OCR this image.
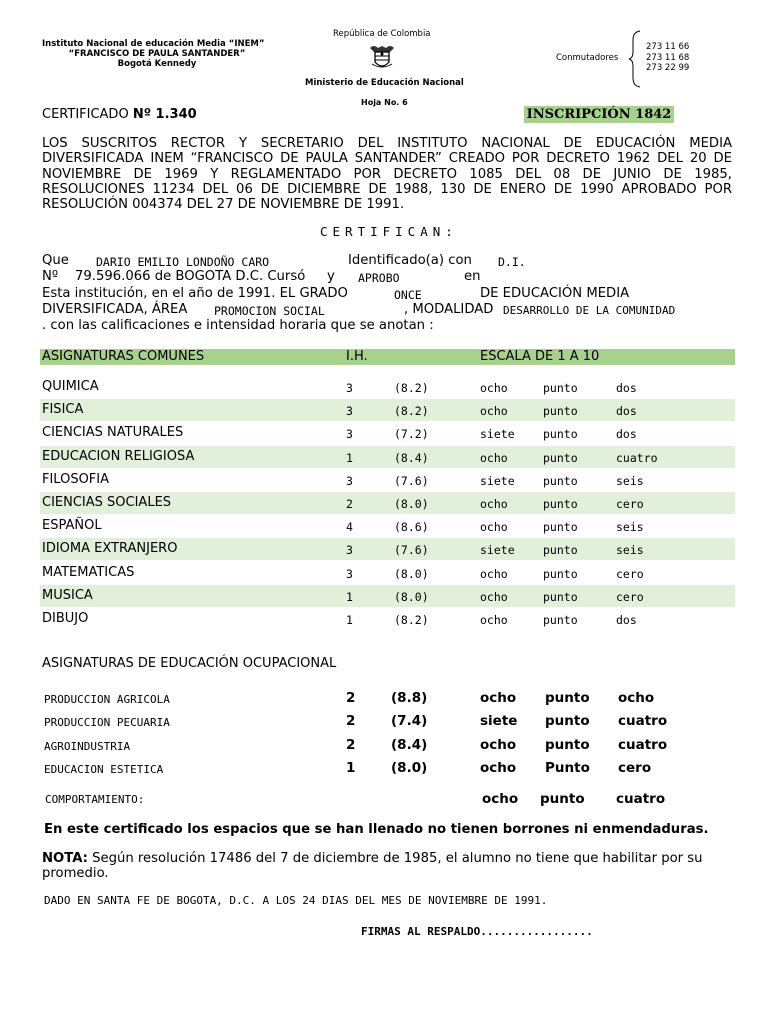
Instituto Nacional de educación Media “INEM”
“FRANCISCO DE PAULA SANTANDER”
Bogotá Kennedy
República de Colombia
Ministerio de Educación Nacional
Hoja No. 6
Conmutadores
273 11 66
273 11 68
273 22 99
CERTIFICADO Nº 1.340	INSCRIPCIÓN 1842
LOS SUSCRITOS RECTOR Y SECRETARIO DEL INSTITUTO NACIONAL DE EDUCACIÓN MEDIA DIVERSIFICADA INEM “FRANCISCO DE PAULA SANTANDER” CREADO POR DECRETO 1962 DEL 20 DE NOVIEMBRE DE 1969 Y REGLAMENTADO POR DECRETO 1085 DEL 08 DE JUNIO DE 1985, RESOLUCIONES 11234 DEL 06 DE DICIEMBRE DE 1988, 130 DE ENERO DE 1990 APROBADO POR RESOLUCIÓN 004374 DEL 27 DE NOVIEMBRE DE 1991.
CERTIFICAN:
Que DARIO EMILIO LONDOÑO CARO	Identificado(a) con D.I.
Nº 79.596.066 de BOGOTA D.C. Cursó y APROBO	en
Esta institución, en el año de 1991. EL GRADO	ONCE	DE EDUCACIÓN MEDIA
DIVERSIFICADA, ÁREA PROMOCION SOCIAL	, MODALIDAD DESARROLLO DE LA COMUNIDAD
. con las calificaciones e intensidad horaria que se anotan :
ASIGNATURAS COMUNES	I.H.	ESCALA DE 1 A 10
QUIMICA	3	(8.2)	ocho	punto	dos
FISICA	3	(8.2)	ocho	punto	dos
CIENCIAS NATURALES	3	(7.2)	siete punto	dos
EDUCACION RELIGIOSA	1	(8.4)	ocho	punto	cuatro
FILOSOFIA	3	(7.6)	siete punto	seis
CIENCIAS SOCIALES	2	(8.0)	ocho	punto	cero
ESPAÑOL	4	(8.6)	ocho	punto	seis
IDIOMA EXTRANJERO	3	(7.6)	siete punto	seis
MATEMATICAS	3	(8.0)	ocho	punto	cero
MUSICA	1	(8.0)	ocho	punto	cero
DIBUJO	1	(8.2)	ocho	punto	dos
ASIGNATURAS DE EDUCACIÓN OCUPACIONAL
PRODUCCION AGRICOLA	2	(8.8)	ocho punto ocho
PRODUCCION PECUARIA	2	(7.4)	siete punto cuatro
AGROINDUSTRIA	2	(8.4)	ocho punto cuatro
EDUCACION ESTETICA	1	(8.0)	ocho Punto cero
COMPORTAMIENTO:	ocho punto cuatro
En este certificado los espacios que se han llenado no tienen borrones ni enmendaduras.
NOTA: Según resolución 17486 del 7 de diciembre de 1985, el alumno no tiene que habilitar por su promedio.
DADO EN SANTA FE DE BOGOTA, D.C. A LOS 24 DIAS DEL MES DE NOVIEMBRE DE 1991.
FIRMAS AL RESPALDO.................
